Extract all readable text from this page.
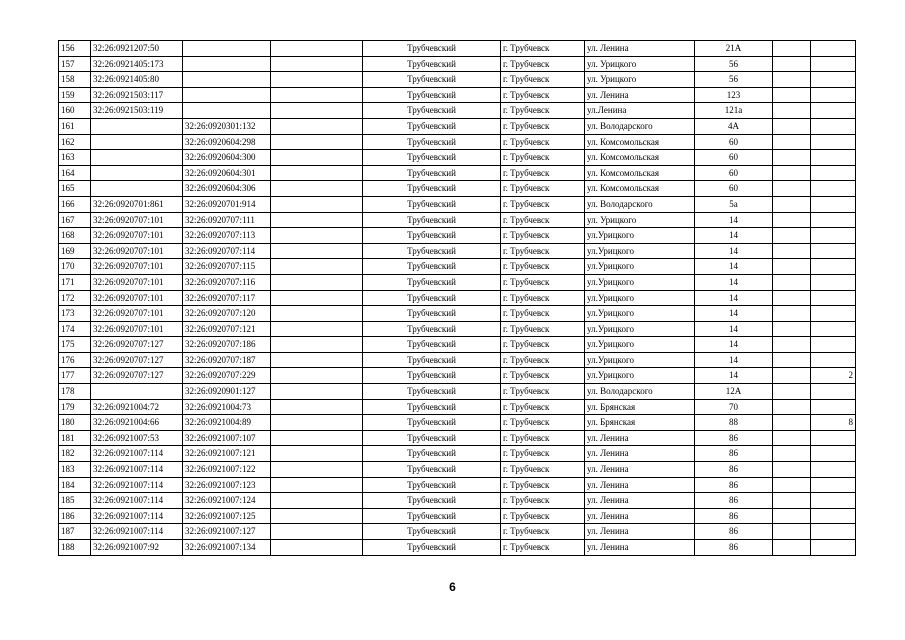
156	32:26:0921207:50			Трубчевский	г. Трубчевск	ул. Ленина	21А		
157	32:26:0921405:173			Трубчевский	г. Трубчевск	ул. Урицкого	56		
158	32:26:0921405:80			Трубчевский	г. Трубчевск	ул. Урицкого	56		
159	32:26:0921503:117			Трубчевский	г. Трубчевск	ул. Ленина	123		
160	32:26:0921503:119			Трубчевский	г. Трубчевск	ул.Ленина	121а		
161		32:26:0920301:132		Трубчевский	г. Трубчевск	ул. Володарского	4А		
162		32:26:0920604:298		Трубчевский	г. Трубчевск	ул. Комсомольская	60		
163		32:26:0920604:300		Трубчевский	г. Трубчевск	ул. Комсомольская	60		
164		32:26:0920604:301		Трубчевский	г. Трубчевск	ул. Комсомольская	60		
165		32:26:0920604:306		Трубчевский	г. Трубчевск	ул. Комсомольская	60		
166	32:26:0920701:861	32:26:0920701:914		Трубчевский	г. Трубчевск	ул. Володарского	5а		
167	32:26:0920707:101	32:26:0920707:111		Трубчевский	г. Трубчевск	ул. Урицкого	14		
168	32:26:0920707:101	32:26:0920707:113		Трубчевский	г. Трубчевск	ул.Урицкого	14		
169	32:26:0920707:101	32:26:0920707:114		Трубчевский	г. Трубчевск	ул.Урицкого	14		
170	32:26:0920707:101	32:26:0920707:115		Трубчевский	г. Трубчевск	ул.Урицкого	14		
171	32:26:0920707:101	32:26:0920707:116		Трубчевский	г. Трубчевск	ул.Урицкого	14		
172	32:26:0920707:101	32:26:0920707:117		Трубчевский	г. Трубчевск	ул.Урицкого	14		
173	32:26:0920707:101	32:26:0920707:120		Трубчевский	г. Трубчевск	ул.Урицкого	14		
174	32:26:0920707:101	32:26:0920707:121		Трубчевский	г. Трубчевск	ул.Урицкого	14		
175	32:26:0920707:127	32:26:0920707:186		Трубчевский	г. Трубчевск	ул.Урицкого	14		
176	32:26:0920707:127	32:26:0920707:187		Трубчевский	г. Трубчевск	ул.Урицкого	14		
177	32:26:0920707:127	32:26:0920707:229		Трубчевский	г. Трубчевск	ул.Урицкого	14		2
178		32:26:0920901:127		Трубчевский	г. Трубчевск	ул. Володарского	12А		
179	32:26:0921004:72	32:26:0921004:73		Трубчевский	г. Трубчевск	ул. Брянская	70		
180	32:26:0921004:66	32:26:0921004:89		Трубчевский	г. Трубчевск	ул. Брянская	88		8
181	32:26:0921007:53	32:26:0921007:107		Трубчевский	г. Трубчевск	ул. Ленина	86		
182	32:26:0921007:114	32:26:0921007:121		Трубчевский	г. Трубчевск	ул. Ленина	86		
183	32:26:0921007:114	32:26:0921007:122		Трубчевский	г. Трубчевск	ул. Ленина	86		
184	32:26:0921007:114	32:26:0921007:123		Трубчевский	г. Трубчевск	ул. Ленина	86		
185	32:26:0921007:114	32:26:0921007:124		Трубчевский	г. Трубчевск	ул. Ленина	86		
186	32:26:0921007:114	32:26:0921007:125		Трубчевский	г. Трубчевск	ул. Ленина	86		
187	32:26:0921007:114	32:26:0921007:127		Трубчевский	г. Трубчевск	ул. Ленина	86		
188	32:26:0921007:92	32:26:0921007:134		Трубчевский	г. Трубчевск	ул. Ленина	86		
6
